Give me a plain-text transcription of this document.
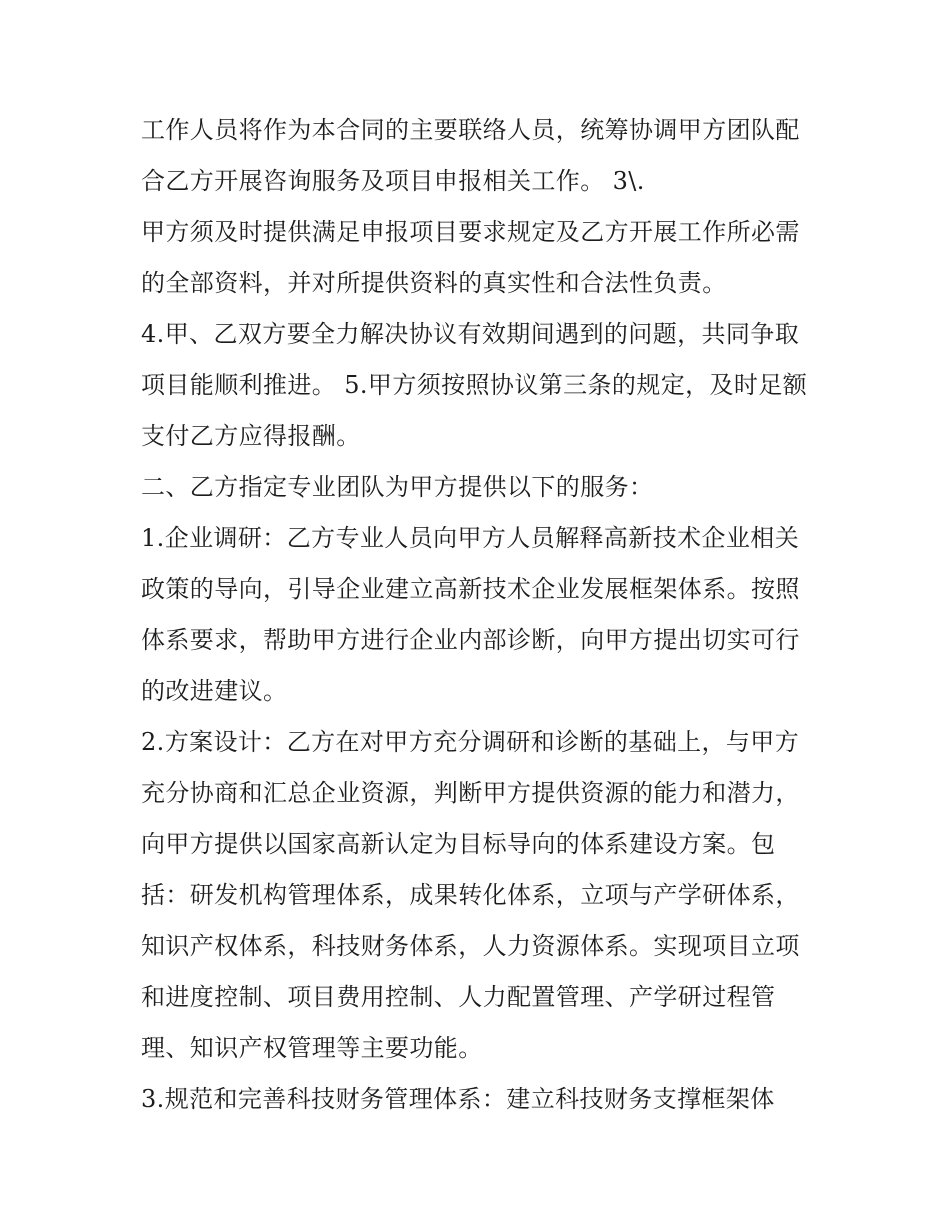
工作人员将作为本合同的主要联络人员，统筹协调甲方团队配
合乙方开展咨询服务及项目申报相关工作。 3\.
甲方须及时提供满足申报项目要求规定及乙方开展工作所必需
的全部资料，并对所提供资料的真实性和合法性负责。
4.甲、乙双方要全力解决协议有效期间遇到的问题，共同争取
项目能顺利推进。 5.甲方须按照协议第三条的规定，及时足额
支付乙方应得报酬。
二、乙方指定专业团队为甲方提供以下的服务：
1.企业调研：乙方专业人员向甲方人员解释高新技术企业相关
政策的导向，引导企业建立高新技术企业发展框架体系。按照
体系要求，帮助甲方进行企业内部诊断，向甲方提出切实可行
的改进建议。
2.方案设计：乙方在对甲方充分调研和诊断的基础上，与甲方
充分协商和汇总企业资源，判断甲方提供资源的能力和潜力，
向甲方提供以国家高新认定为目标导向的体系建设方案。包
括：研发机构管理体系，成果转化体系，立项与产学研体系，
知识产权体系，科技财务体系，人力资源体系。实现项目立项
和进度控制、项目费用控制、人力配置管理、产学研过程管
理、知识产权管理等主要功能。
3.规范和完善科技财务管理体系：建立科技财务支撑框架体
